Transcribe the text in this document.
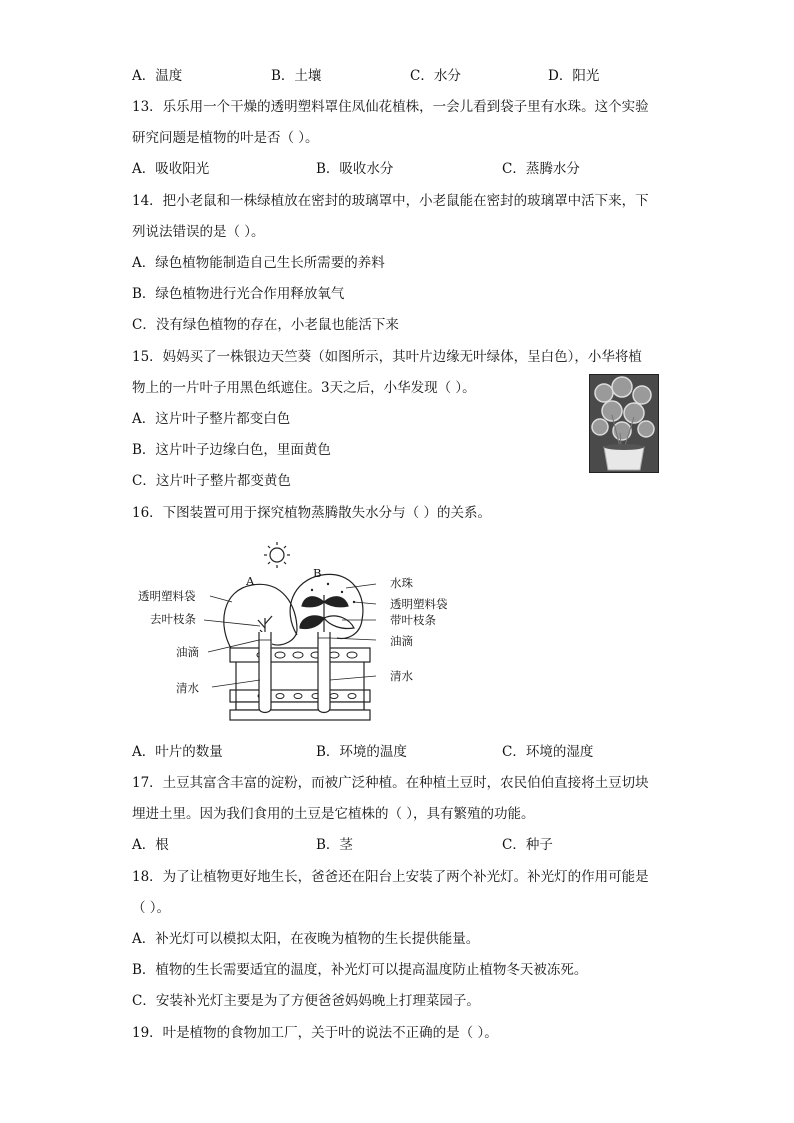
A．温度	B．土壤	C．水分	D．阳光
13．乐乐用一个干燥的透明塑料罩住凤仙花植株，一会儿看到袋子里有水珠。这个实验
研究问题是植物的叶是否（ ）。
A．吸收阳光	B．吸收水分	C．蒸腾水分
14．把小老鼠和一株绿植放在密封的玻璃罩中，小老鼠能在密封的玻璃罩中活下来，下
列说法错误的是（ ）。
A．绿色植物能制造自己生长所需要的养料
B．绿色植物进行光合作用释放氧气
C．没有绿色植物的存在，小老鼠也能活下来
15．妈妈买了一株银边天竺葵（如图所示，其叶片边缘无叶绿体，呈白色），小华将植
物上的一片叶子用黑色纸遮住。3天之后，小华发现（ ）。
A．这片叶子整片都变白色
B．这片叶子边缘白色，里面黄色
C．这片叶子整片都变黄色
16．下图装置可用于探究植物蒸腾散失水分与（ ）的关系。
A
B
透明塑料袋
去叶枝条
油滴
清水
水珠
透明塑料袋
带叶枝条
油滴
清水
A．叶片的数量	B．环境的温度	C．环境的湿度
17．土豆其富含丰富的淀粉，而被广泛种植。在种植土豆时，农民伯伯直接将土豆切块
埋进土里。因为我们食用的土豆是它植株的（ ），具有繁殖的功能。
A．根	B．茎	C．种子
18．为了让植物更好地生长，爸爸还在阳台上安装了两个补光灯。补光灯的作用可能是
（ ）。
A．补光灯可以模拟太阳，在夜晚为植物的生长提供能量。
B．植物的生长需要适宜的温度，补光灯可以提高温度防止植物冬天被冻死。
C．安装补光灯主要是为了方便爸爸妈妈晚上打理菜园子。
19．叶是植物的食物加工厂，关于叶的说法不正确的是（ ）。
